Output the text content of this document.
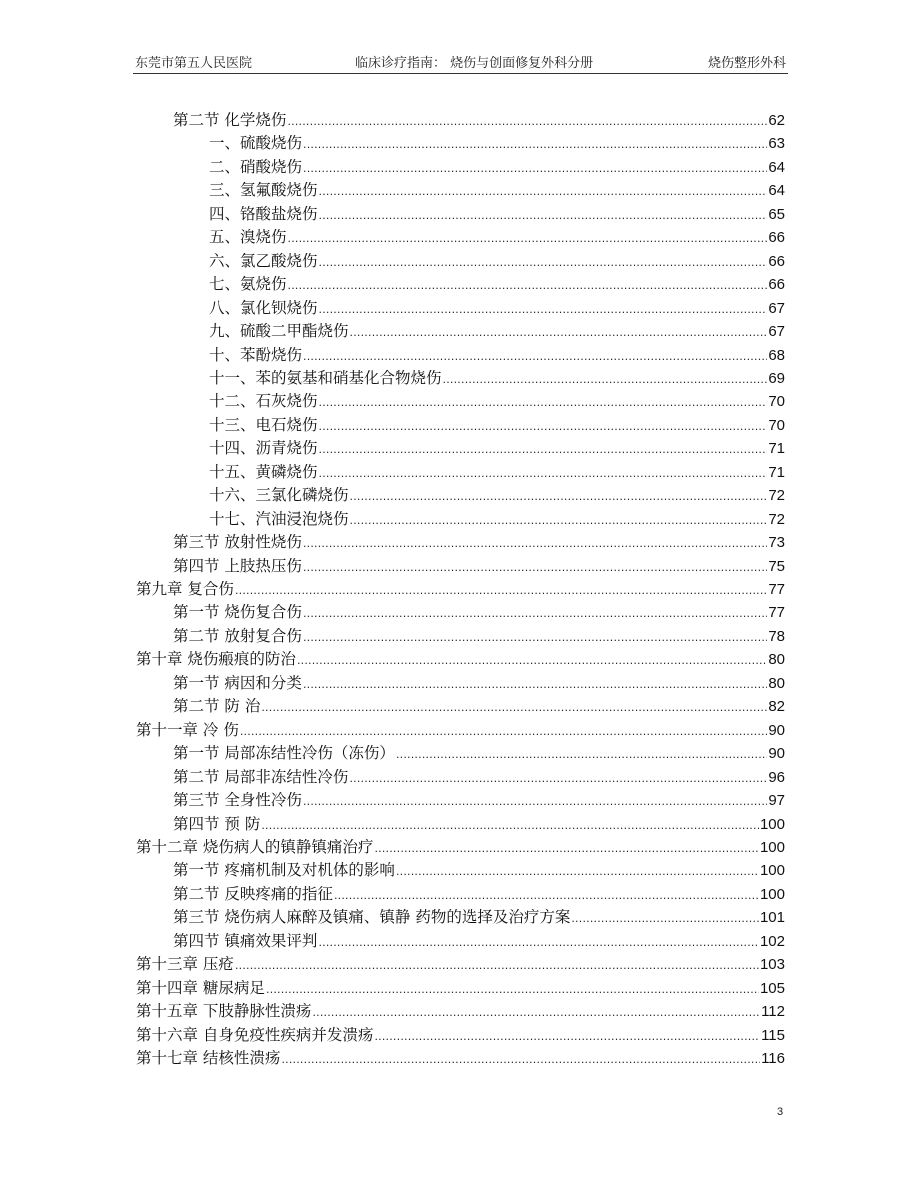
东莞市第五人民医院	临床诊疗指南： 烧伤与创面修复外科分册	烧伤整形外科
第二节 化学烧伤 .....	62
一、硫酸烧伤 .....	63
二、硝酸烧伤 .....	64
三、氢氟酸烧伤 .....	64
四、铬酸盐烧伤 .....	65
五、溴烧伤 .....	66
六、氯乙酸烧伤 .....	66
七、氨烧伤 .....	66
八、氯化钡烧伤 .....	67
九、硫酸二甲酯烧伤 .....	67
十、苯酚烧伤 .....	68
十一、苯的氨基和硝基化合物烧伤 .....	69
十二、石灰烧伤 .....	70
十三、电石烧伤 .....	70
十四、沥青烧伤 .....	71
十五、黄磷烧伤 .....	71
十六、三氯化磷烧伤 .....	72
十七、汽油浸泡烧伤 .....	72
第三节 放射性烧伤 .....	73
第四节 上肢热压伤 .....	75
第九章 复合伤 .....	77
第一节 烧伤复合伤 .....	77
第二节 放射复合伤 .....	78
第十章 烧伤瘢痕的防治 .....	80
第一节 病因和分类 .....	80
第二节 防 治 .....	82
第十一章 冷 伤 .....	90
第一节 局部冻结性冷伤（冻伤） .....	90
第二节 局部非冻结性冷伤 .....	96
第三节 全身性冷伤 .....	97
第四节 预 防 .....	100
第十二章 烧伤病人的镇静镇痛治疗 .....	100
第一节 疼痛机制及对机体的影响 .....	100
第二节 反映疼痛的指征 .....	100
第三节 烧伤病人麻醉及镇痛、镇静 药物的选择及治疗方案 .....	101
第四节 镇痛效果评判 .....	102
第十三章 压疮 .....	103
第十四章 糖尿病足 .....	105
第十五章 下肢静脉性溃疡 .....	112
第十六章 自身免疫性疾病并发溃疡 .....	115
第十七章 结核性溃疡 .....	116
3
